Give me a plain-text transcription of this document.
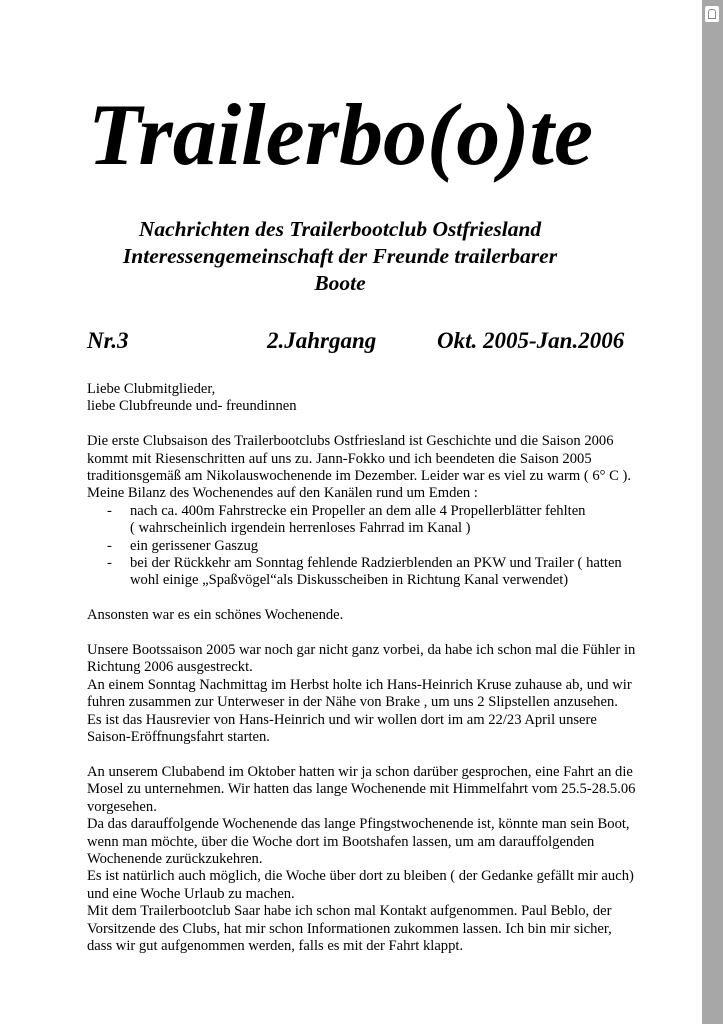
Trailerbo(o)te
Nachrichten des Trailerbootclub Ostfriesland
Interessengemeinschaft der Freunde trailerbarer
Boote
Nr.3	2.Jahrgang	Okt. 2005-Jan.2006

Liebe Clubmitglieder,

liebe Clubfreunde und- freundinnen

Die erste Clubsaison des Trailerbootclubs Ostfriesland ist Geschichte und die Saison 2006

kommt mit Riesenschritten auf uns zu. Jann-Fokko und ich beendeten die Saison 2005

traditionsgemäß am Nikolauswochenende im Dezember. Leider war es viel zu warm ( 6° C ).

Meine Bilanz des Wochenendes auf den Kanälen rund um Emden :

- nach ca. 400m Fahrstrecke ein Propeller an dem alle 4 Propellerblätter fehlten
( wahrscheinlich irgendein herrenloses Fahrrad im Kanal )
- ein gerissener Gaszug
- bei der Rückkehr am Sonntag fehlende Radzierblenden an PKW und Trailer ( hatten
wohl einige „Spaßvögel“als Diskusscheiben in Richtung Kanal verwendet)

Ansonsten war es ein schönes Wochenende.

Unsere Bootssaison 2005 war noch gar nicht ganz vorbei, da habe ich schon mal die Fühler in

Richtung 2006 ausgestreckt.

An einem Sonntag Nachmittag im Herbst holte ich Hans-Heinrich Kruse zuhause ab, und wir

fuhren zusammen zur Unterweser in der Nähe von Brake , um uns 2 Slipstellen anzusehen.

Es ist das Hausrevier von Hans-Heinrich und wir wollen dort im am 22/23 April unsere

Saison-Eröffnungsfahrt starten.

An unserem Clubabend im Oktober hatten wir ja schon darüber gesprochen, eine Fahrt an die

Mosel zu unternehmen. Wir hatten das lange Wochenende mit Himmelfahrt vom 25.5-28.5.06

vorgesehen.

Da das darauffolgende Wochenende das lange Pfingstwochenende ist, könnte man sein Boot,

wenn man möchte, über die Woche dort im Bootshafen lassen, um am darauffolgenden

Wochenende zurückzukehren.

Es ist natürlich auch möglich, die Woche über dort zu bleiben ( der Gedanke gefällt mir auch)

und eine Woche Urlaub zu machen.

Mit dem Trailerbootclub Saar habe ich schon mal Kontakt aufgenommen. Paul Beblo, der

Vorsitzende des Clubs, hat mir schon Informationen zukommen lassen. Ich bin mir sicher,

dass wir gut aufgenommen werden, falls es mit der Fahrt klappt.
